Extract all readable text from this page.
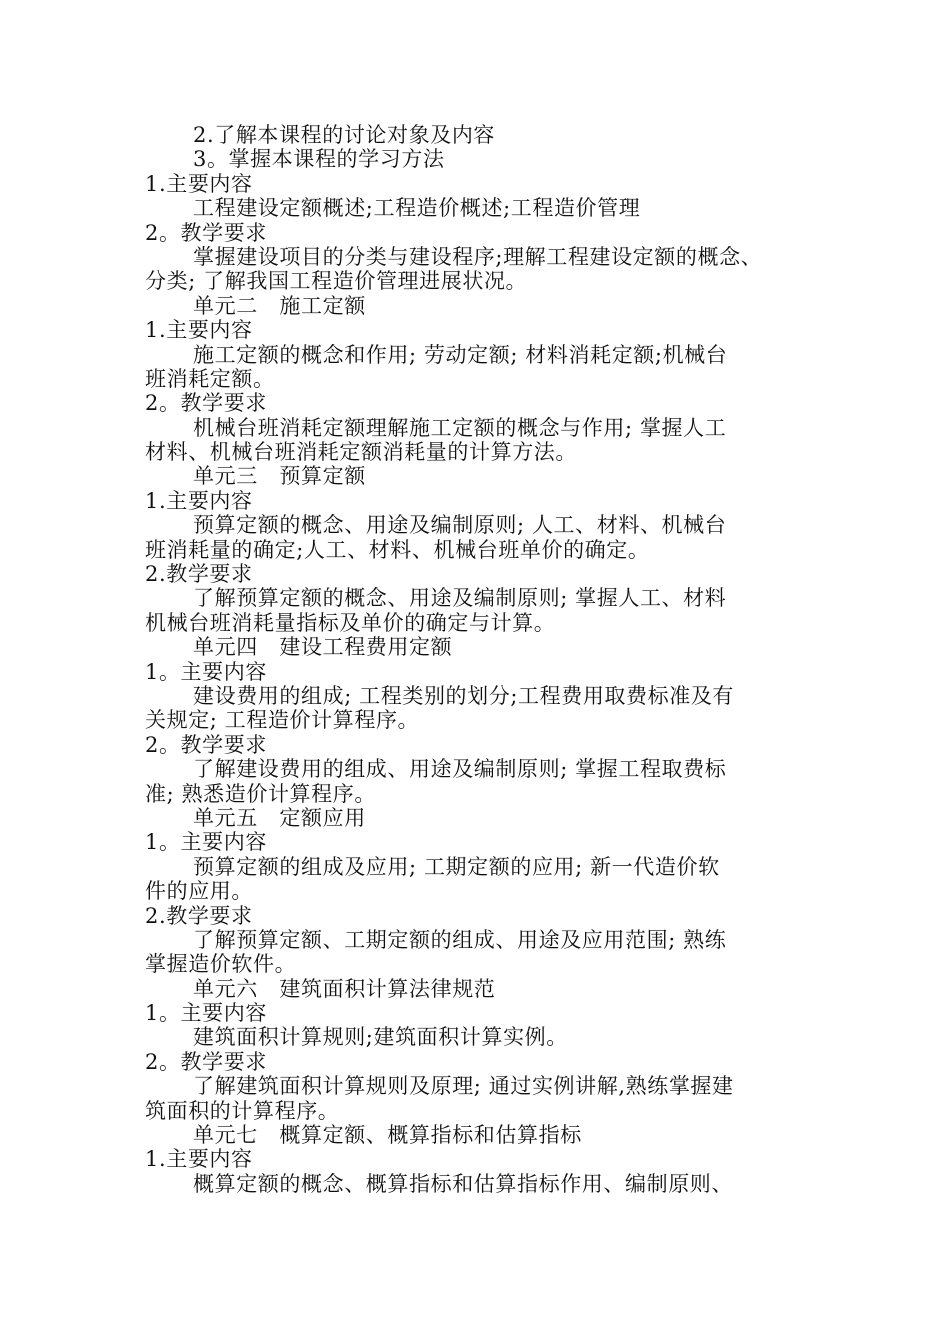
2.了解本课程的讨论对象及内容
3。掌握本课程的学习方法
1.主要内容
工程建设定额概述;工程造价概述;工程造价管理
2。教学要求
掌握建设项目的分类与建设程序;理解工程建设定额的概念、
分类; 了解我国工程造价管理进展状况。
单元二　施工定额
1.主要内容
施工定额的概念和作用; 劳动定额; 材料消耗定额;机械台
班消耗定额。
2。教学要求
机械台班消耗定额理解施工定额的概念与作用; 掌握人工
材料、机械台班消耗定额消耗量的计算方法。
单元三　预算定额
1.主要内容
预算定额的概念、用途及编制原则; 人工、材料、机械台
班消耗量的确定;人工、材料、机械台班单价的确定。
2.教学要求
了解预算定额的概念、用途及编制原则; 掌握人工、材料
机械台班消耗量指标及单价的确定与计算。
单元四　建设工程费用定额
1。主要内容
建设费用的组成; 工程类别的划分;工程费用取费标准及有
关规定; 工程造价计算程序。
2。教学要求
了解建设费用的组成、用途及编制原则; 掌握工程取费标
准; 熟悉造价计算程序。
单元五　定额应用
1。主要内容
预算定额的组成及应用; 工期定额的应用; 新一代造价软
件的应用。
2.教学要求
了解预算定额、工期定额的组成、用途及应用范围; 熟练
掌握造价软件。
单元六　建筑面积计算法律规范
1。主要内容
建筑面积计算规则;建筑面积计算实例。
2。教学要求
了解建筑面积计算规则及原理; 通过实例讲解,熟练掌握建
筑面积的计算程序。
单元七　概算定额、概算指标和估算指标
1.主要内容
概算定额的概念、概算指标和估算指标作用、编制原则、
